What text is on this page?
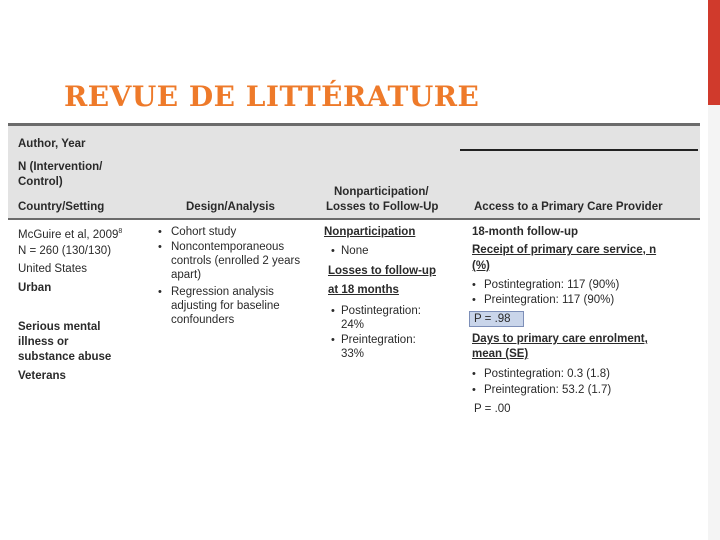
REVUE DE LITTÉRATURE
Author, Year
N (Intervention/
Control)
Country/Setting	Design/Analysis
Nonparticipation/
Losses to Follow-Up	Access to a Primary Care Provider
McGuire et al, 2009$^8$
N = 260 (130/130)
United States
Urban
Serious mental
illness or
substance abuse
Veterans
• Cohort study
• Noncontemporaneous controls (enrolled 2 years apart)
• Regression analysis adjusting for baseline confounders
Nonparticipation
• None
Losses to follow-up
at 18 months
• Postintegration:
24%
• Preintegration:
33%
18-month follow-up
Receipt of primary care service, n
(%)
• Postintegration: 117 (90%)
• Preintegration: 117 (90%)
P = .98
Days to primary care enrolment,
mean (SE)
• Postintegration: 0.3 (1.8)
• Preintegration: 53.2 (1.7)
P = .00
